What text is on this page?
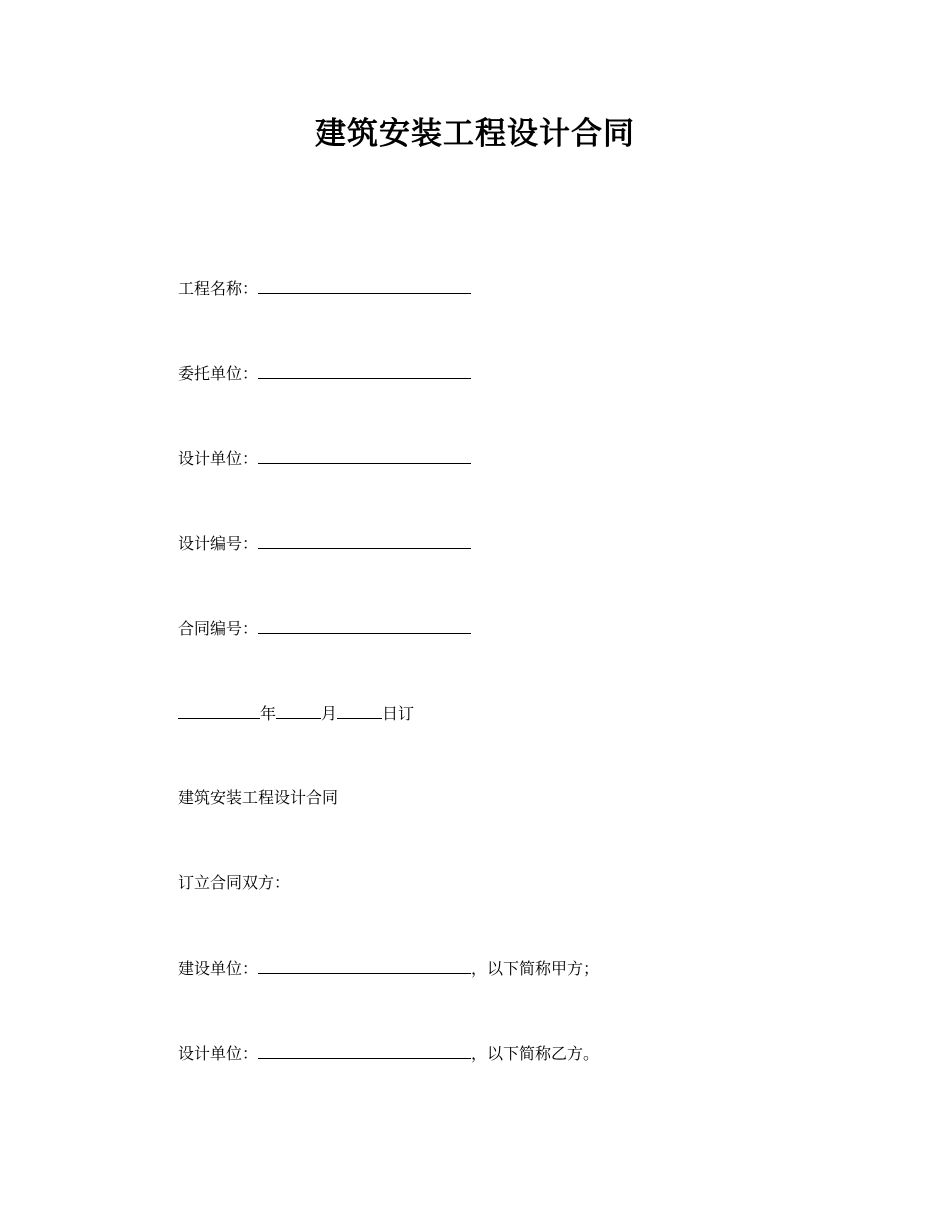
建筑安装工程设计合同
工程名称：
委托单位：
设计单位：
设计编号：
合同编号：
年	月	日订
建筑安装工程设计合同
订立合同双方：
建设单位：	，以下简称甲方；
设计单位：	，以下简称乙方。
